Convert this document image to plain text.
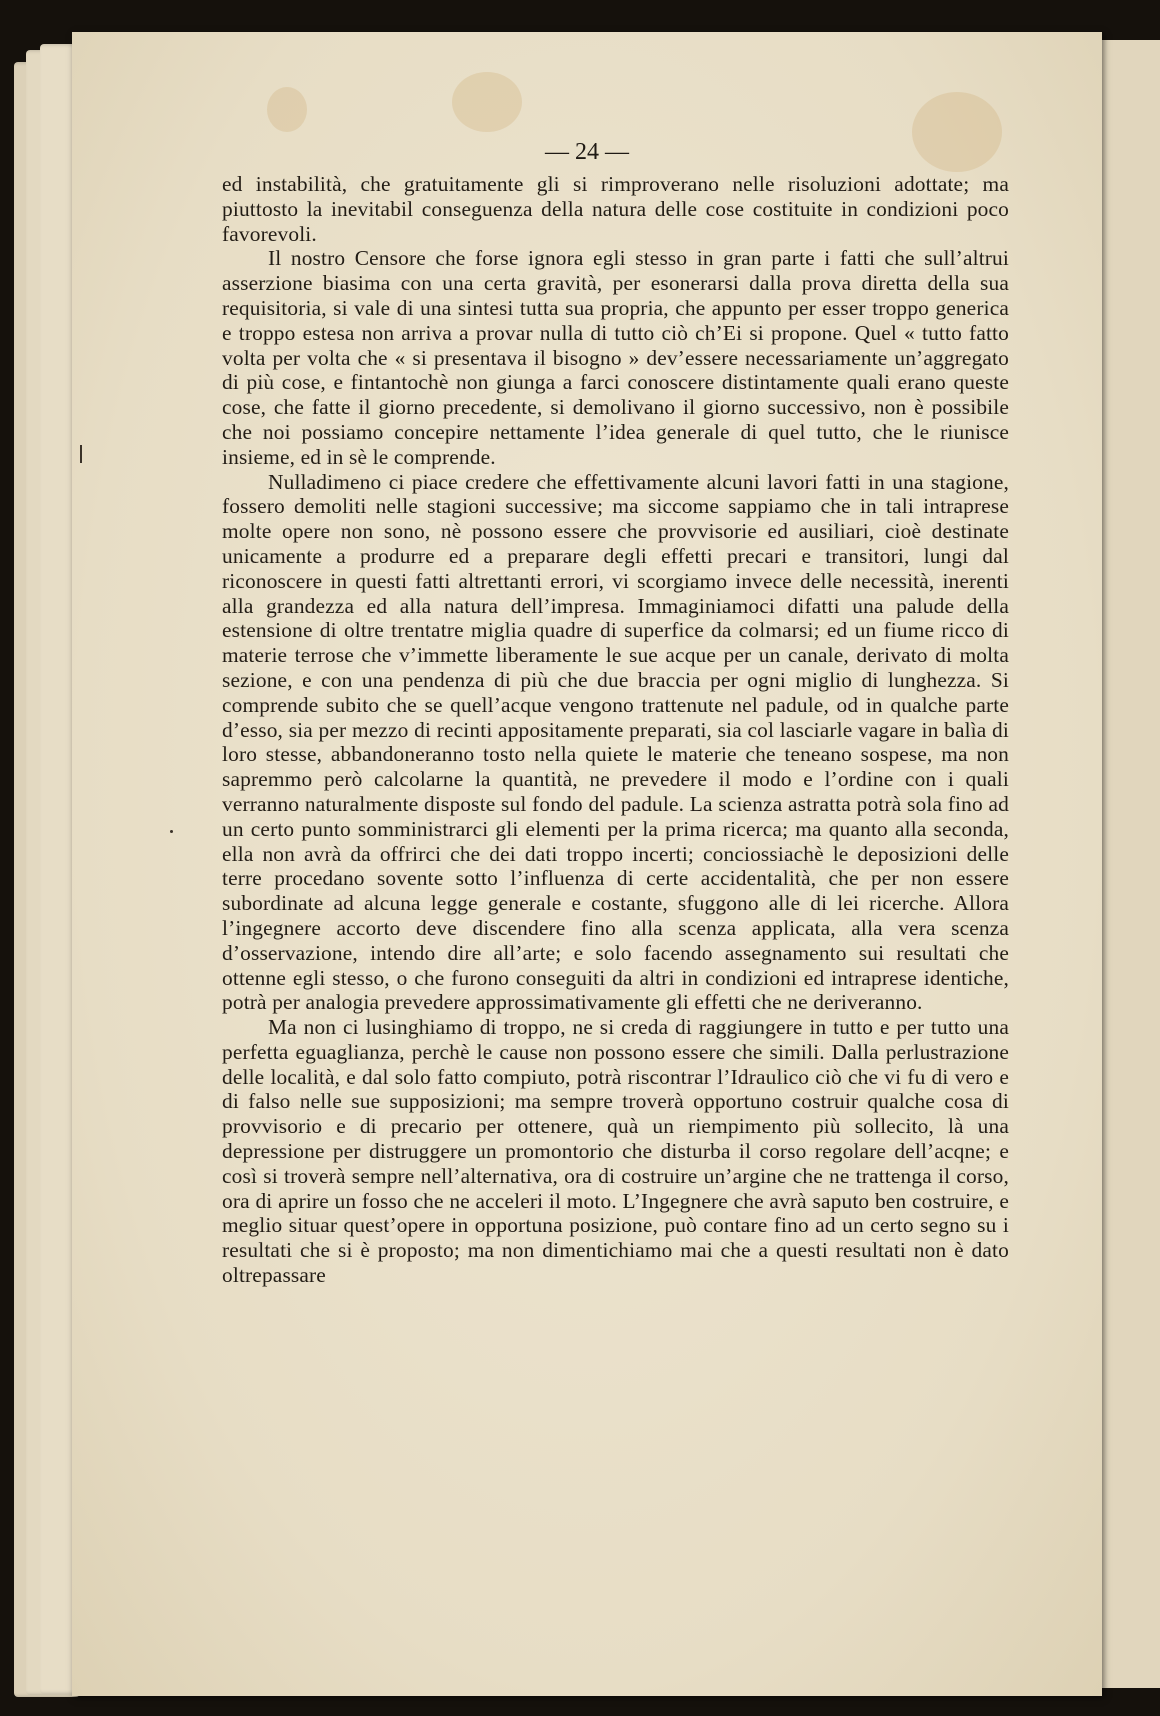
— 24 —

ed instabilità, che gratuitamente gli si rimproverano nelle risoluzioni adottate; ma piuttosto la inevitabil conseguenza della natura delle cose costituite in condizioni poco favorevoli.

Il nostro Censore che forse ignora egli stesso in gran parte i fatti che sull’altrui asserzione biasima con una certa gravità, per esonerarsi dalla prova diretta della sua requisitoria, si vale di una sintesi tutta sua propria, che appunto per esser troppo generica e troppo estesa non arriva a provar nulla di tutto ciò ch’Ei si propone. Quel « tutto fatto volta per volta che « si presentava il bisogno » dev’essere necessariamente un’aggregato di più cose, e fintantochè non giunga a farci conoscere distintamente quali erano queste cose, che fatte il giorno precedente, si demolivano il giorno successivo, non è possibile che noi possiamo concepire nettamente l’idea generale di quel tutto, che le riunisce insieme, ed in sè le comprende.

Nulladimeno ci piace credere che effettivamente alcuni lavori fatti in una stagione, fossero demoliti nelle stagioni successive; ma siccome sappiamo che in tali intraprese molte opere non sono, nè possono essere che provvisorie ed ausiliari, cioè destinate unicamente a produrre ed a preparare degli effetti precari e transitori, lungi dal riconoscere in questi fatti altrettanti errori, vi scorgiamo invece delle necessità, inerenti alla grandezza ed alla natura dell’impresa. Immaginiamoci difatti una palude della estensione di oltre trentatre miglia quadre di superfice da colmarsi; ed un fiume ricco di materie terrose che v’immette liberamente le sue acque per un canale, derivato di molta sezione, e con una pendenza di più che due braccia per ogni miglio di lunghezza. Si comprende subito che se quell’acque vengono trattenute nel padule, od in qualche parte d’esso, sia per mezzo di recinti appositamente preparati, sia col lasciarle vagare in balìa di loro stesse, abbandoneranno tosto nella quiete le materie che teneano sospese, ma non sapremmo però calcolarne la quantità, ne prevedere il modo e l’ordine con i quali verranno naturalmente disposte sul fondo del padule. La scienza astratta potrà sola fino ad un certo punto somministrarci gli elementi per la prima ricerca; ma quanto alla seconda, ella non avrà da offrirci che dei dati troppo incerti; conciossiachè le deposizioni delle terre procedano sovente sotto l’influenza di certe accidentalità, che per non essere subordinate ad alcuna legge generale e costante, sfuggono alle di lei ricerche. Allora l’ingegnere accorto deve discendere fino alla scenza applicata, alla vera scenza d’osservazione, intendo dire all’arte; e solo facendo assegnamento sui resultati che ottenne egli stesso, o che furono conseguiti da altri in condizioni ed intraprese identiche, potrà per analogia prevedere approssimativamente gli effetti che ne deriveranno.

Ma non ci lusinghiamo di troppo, ne si creda di raggiungere in tutto e per tutto una perfetta eguaglianza, perchè le cause non possono essere che simili. Dalla perlustrazione delle località, e dal solo fatto compiuto, potrà riscontrar l’Idraulico ciò che vi fu di vero e di falso nelle sue supposizioni; ma sempre troverà opportuno costruir qualche cosa di provvisorio e di precario per ottenere, quà un riempimento più sollecito, là una depressione per distruggere un promontorio che disturba il corso regolare dell’acqne; e così si troverà sempre nell’alternativa, ora di costruire un’argine che ne trattenga il corso, ora di aprire un fosso che ne acceleri il moto. L’Ingegnere che avrà saputo ben costruire, e meglio situar quest’opere in opportuna posizione, può contare fino ad un certo segno su i resultati che si è proposto; ma non dimentichiamo mai che a questi resultati non è dato oltrepassare
